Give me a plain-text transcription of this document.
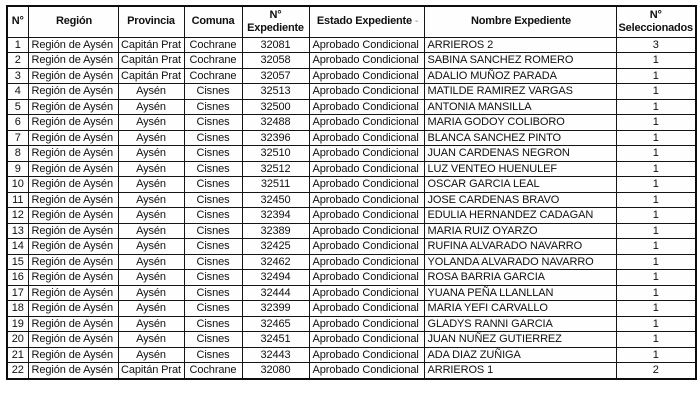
N°	Región	Provincia	Comuna	N° Expediente	Estado Expediente -	Nombre Expediente	N° Seleccionados
1	Región de Aysén	Capitán Prat	Cochrane	32081	Aprobado Condicional	ARRIEROS 2	3
2	Región de Aysén	Capitán Prat	Cochrane	32058	Aprobado Condicional	SABINA SANCHEZ ROMERO	1
3	Región de Aysén	Capitán Prat	Cochrane	32057	Aprobado Condicional	ADALIO MUÑOZ PARADA	1
4	Región de Aysén	Aysén	Cisnes	32513	Aprobado Condicional	MATILDE RAMIREZ VARGAS	1
5	Región de Aysén	Aysén	Cisnes	32500	Aprobado Condicional	ANTONIA MANSILLA	1
6	Región de Aysén	Aysén	Cisnes	32488	Aprobado Condicional	MARIA GODOY COLIBORO	1
7	Región de Aysén	Aysén	Cisnes	32396	Aprobado Condicional	BLANCA SANCHEZ PINTO	1
8	Región de Aysén	Aysén	Cisnes	32510	Aprobado Condicional	JUAN CARDENAS NEGRON	1
9	Región de Aysén	Aysén	Cisnes	32512	Aprobado Condicional	LUZ VENTEO HUENULEF	1
10	Región de Aysén	Aysén	Cisnes	32511	Aprobado Condicional	OSCAR GARCIA LEAL	1
11	Región de Aysén	Aysén	Cisnes	32450	Aprobado Condicional	JOSE CARDENAS BRAVO	1
12	Región de Aysén	Aysén	Cisnes	32394	Aprobado Condicional	EDULIA HERNANDEZ CADAGAN	1
13	Región de Aysén	Aysén	Cisnes	32389	Aprobado Condicional	MARIA RUIZ OYARZO	1
14	Región de Aysén	Aysén	Cisnes	32425	Aprobado Condicional	RUFINA ALVARADO NAVARRO	1
15	Región de Aysén	Aysén	Cisnes	32462	Aprobado Condicional	YOLANDA ALVARADO NAVARRO	1
16	Región de Aysén	Aysén	Cisnes	32494	Aprobado Condicional	ROSA BARRIA GARCIA	1
17	Región de Aysén	Aysén	Cisnes	32444	Aprobado Condicional	YUANA PEÑA LLANLLAN	1
18	Región de Aysén	Aysén	Cisnes	32399	Aprobado Condicional	MARIA YEFI CARVALLO	1
19	Región de Aysén	Aysén	Cisnes	32465	Aprobado Condicional	GLADYS RANNI GARCIA	1
20	Región de Aysén	Aysén	Cisnes	32451	Aprobado Condicional	JUAN NUÑEZ GUTIERREZ	1
21	Región de Aysén	Aysén	Cisnes	32443	Aprobado Condicional	ADA DIAZ ZUÑIGA	1
22	Región de Aysén	Capitán Prat	Cochrane	32080	Aprobado Condicional	ARRIEROS 1	2
